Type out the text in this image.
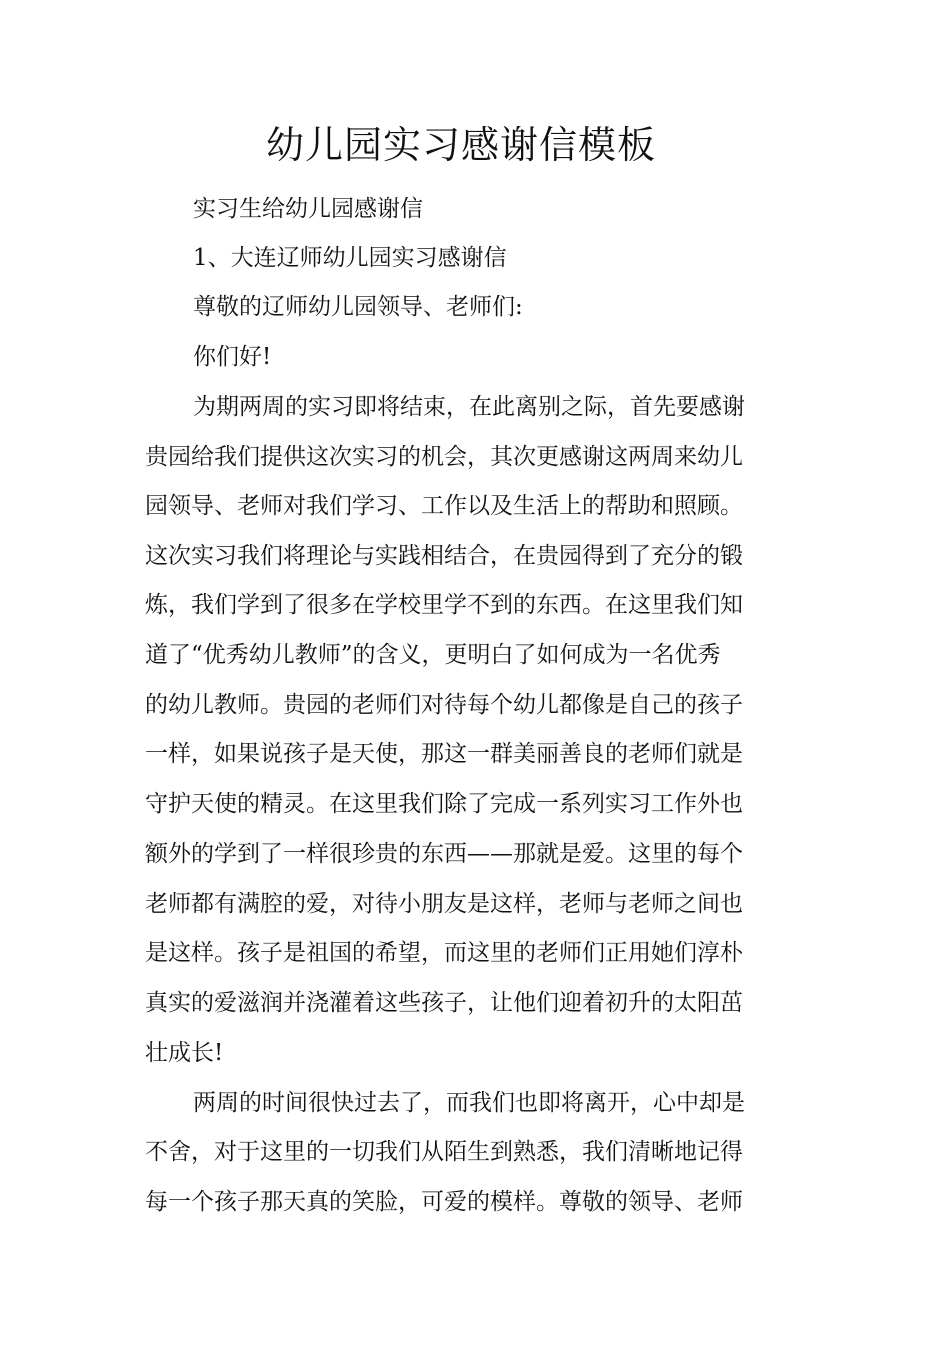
幼儿园实习感谢信模板
实习生给幼儿园感谢信
1、大连辽师幼儿园实习感谢信
尊敬的辽师幼儿园领导、老师们:
你们好!
为期两周的实习即将结束，在此离别之际，首先要感谢
贵园给我们提供这次实习的机会，其次更感谢这两周来幼儿
园领导、老师对我们学习、工作以及生活上的帮助和照顾。
这次实习我们将理论与实践相结合，在贵园得到了充分的锻
炼，我们学到了很多在学校里学不到的东西。在这里我们知
道了“优秀幼儿教师”的含义，更明白了如何成为一名优秀
的幼儿教师。贵园的老师们对待每个幼儿都像是自己的孩子
一样，如果说孩子是天使，那这一群美丽善良的老师们就是
守护天使的精灵。在这里我们除了完成一系列实习工作外也
额外的学到了一样很珍贵的东西——那就是爱。这里的每个
老师都有满腔的爱，对待小朋友是这样，老师与老师之间也
是这样。孩子是祖国的希望，而这里的老师们正用她们淳朴
真实的爱滋润并浇灌着这些孩子，让他们迎着初升的太阳茁
壮成长!
两周的时间很快过去了，而我们也即将离开，心中却是
不舍，对于这里的一切我们从陌生到熟悉，我们清晰地记得
每一个孩子那天真的笑脸，可爱的模样。尊敬的领导、老师
